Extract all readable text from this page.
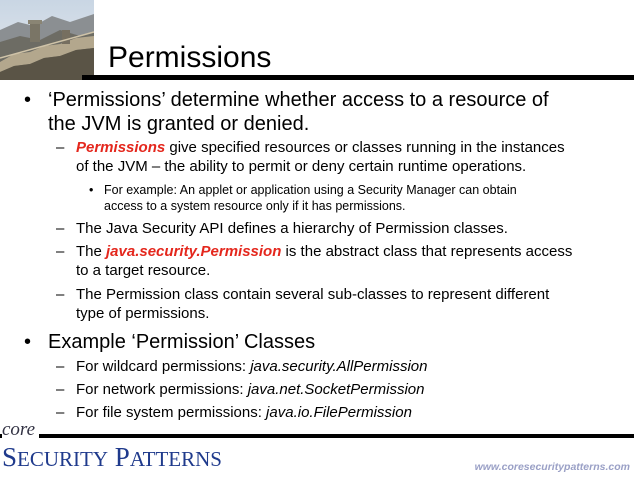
Permissions
• ‘Permissions’ determine whether access to a resource of
the JVM is granted or denied.
– Permissions give specified resources or classes running in the instances
of the JVM – the ability to permit or deny certain runtime operations.
• For example: An applet or application using a Security Manager can obtain
access to a system resource only if it has permissions.
– The Java Security API defines a hierarchy of Permission classes.
– The java.security.Permission is the abstract class that represents access
to a target resource.
– The Permission class contain several sub-classes to represent different
type of permissions.
• Example ‘Permission’ Classes
– For wildcard permissions: java.security.AllPermission
– For network permissions: java.net.SocketPermission
– For file system permissions: java.io.FilePermission
core
SECURITY PATTERNS	www.coresecuritypatterns.com
